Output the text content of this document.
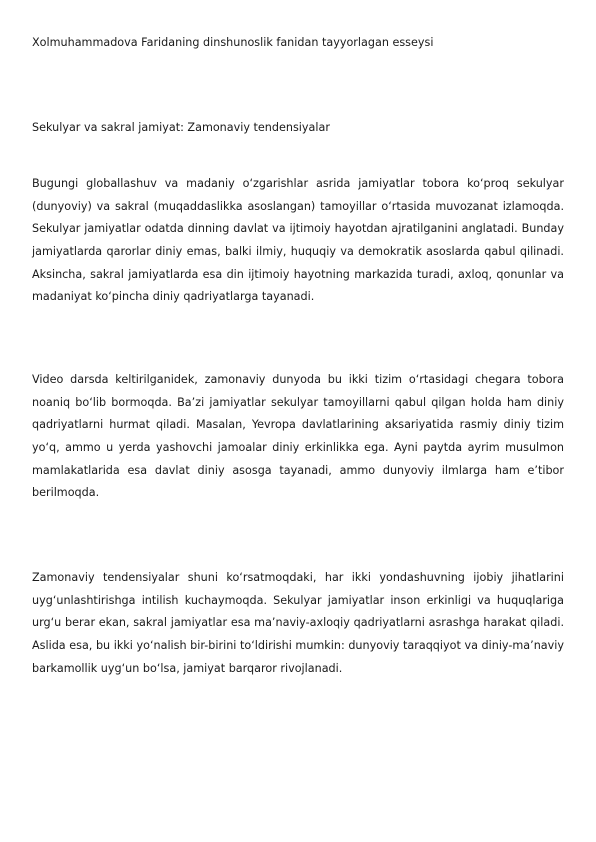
Xolmuhammadova Faridaning dinshunoslik fanidan tayyorlagan esseysi
Sekulyar va sakral jamiyat: Zamonaviy tendensiyalar

Bugungi globallashuv va madaniy o‘zgarishlar asrida jamiyatlar tobora ko‘proq sekulyar (dunyoviy) va sakral (muqaddaslikka asoslangan) tamoyillar o‘rtasida muvozanat izlamoqda. Sekulyar jamiyatlar odatda dinning davlat va ijtimoiy hayotdan ajratilganini anglatadi. Bunday jamiyatlarda qarorlar diniy emas, balki ilmiy, huquqiy va demokratik asoslarda qabul qilinadi. Aksincha, sakral jamiyatlarda esa din ijtimoiy hayotning markazida turadi, axloq, qonunlar va madaniyat ko‘pincha diniy qadriyatlarga tayanadi.

Video darsda keltirilganidek, zamonaviy dunyoda bu ikki tizim o‘rtasidagi chegara tobora noaniq bo‘lib bormoqda. Ba’zi jamiyatlar sekulyar tamoyillarni qabul qilgan holda ham diniy qadriyatlarni hurmat qiladi. Masalan, Yevropa davlatlarining aksariyatida rasmiy diniy tizim yo‘q, ammo u yerda yashovchi jamoalar diniy erkinlikka ega. Ayni paytda ayrim musulmon mamlakatlarida esa davlat diniy asosga tayanadi, ammo dunyoviy ilmlarga ham e’tibor berilmoqda.

Zamonaviy tendensiyalar shuni ko‘rsatmoqdaki, har ikki yondashuvning ijobiy jihatlarini uyg‘unlashtirishga intilish kuchaymoqda. Sekulyar jamiyatlar inson erkinligi va huquqlariga urg‘u berar ekan, sakral jamiyatlar esa ma’naviy-axloqiy qadriyatlarni asrashga harakat qiladi. Aslida esa, bu ikki yo‘nalish bir-birini to‘ldirishi mumkin: dunyoviy taraqqiyot va diniy-ma’naviy barkamollik uyg‘un bo‘lsa, jamiyat barqaror rivojlanadi.
